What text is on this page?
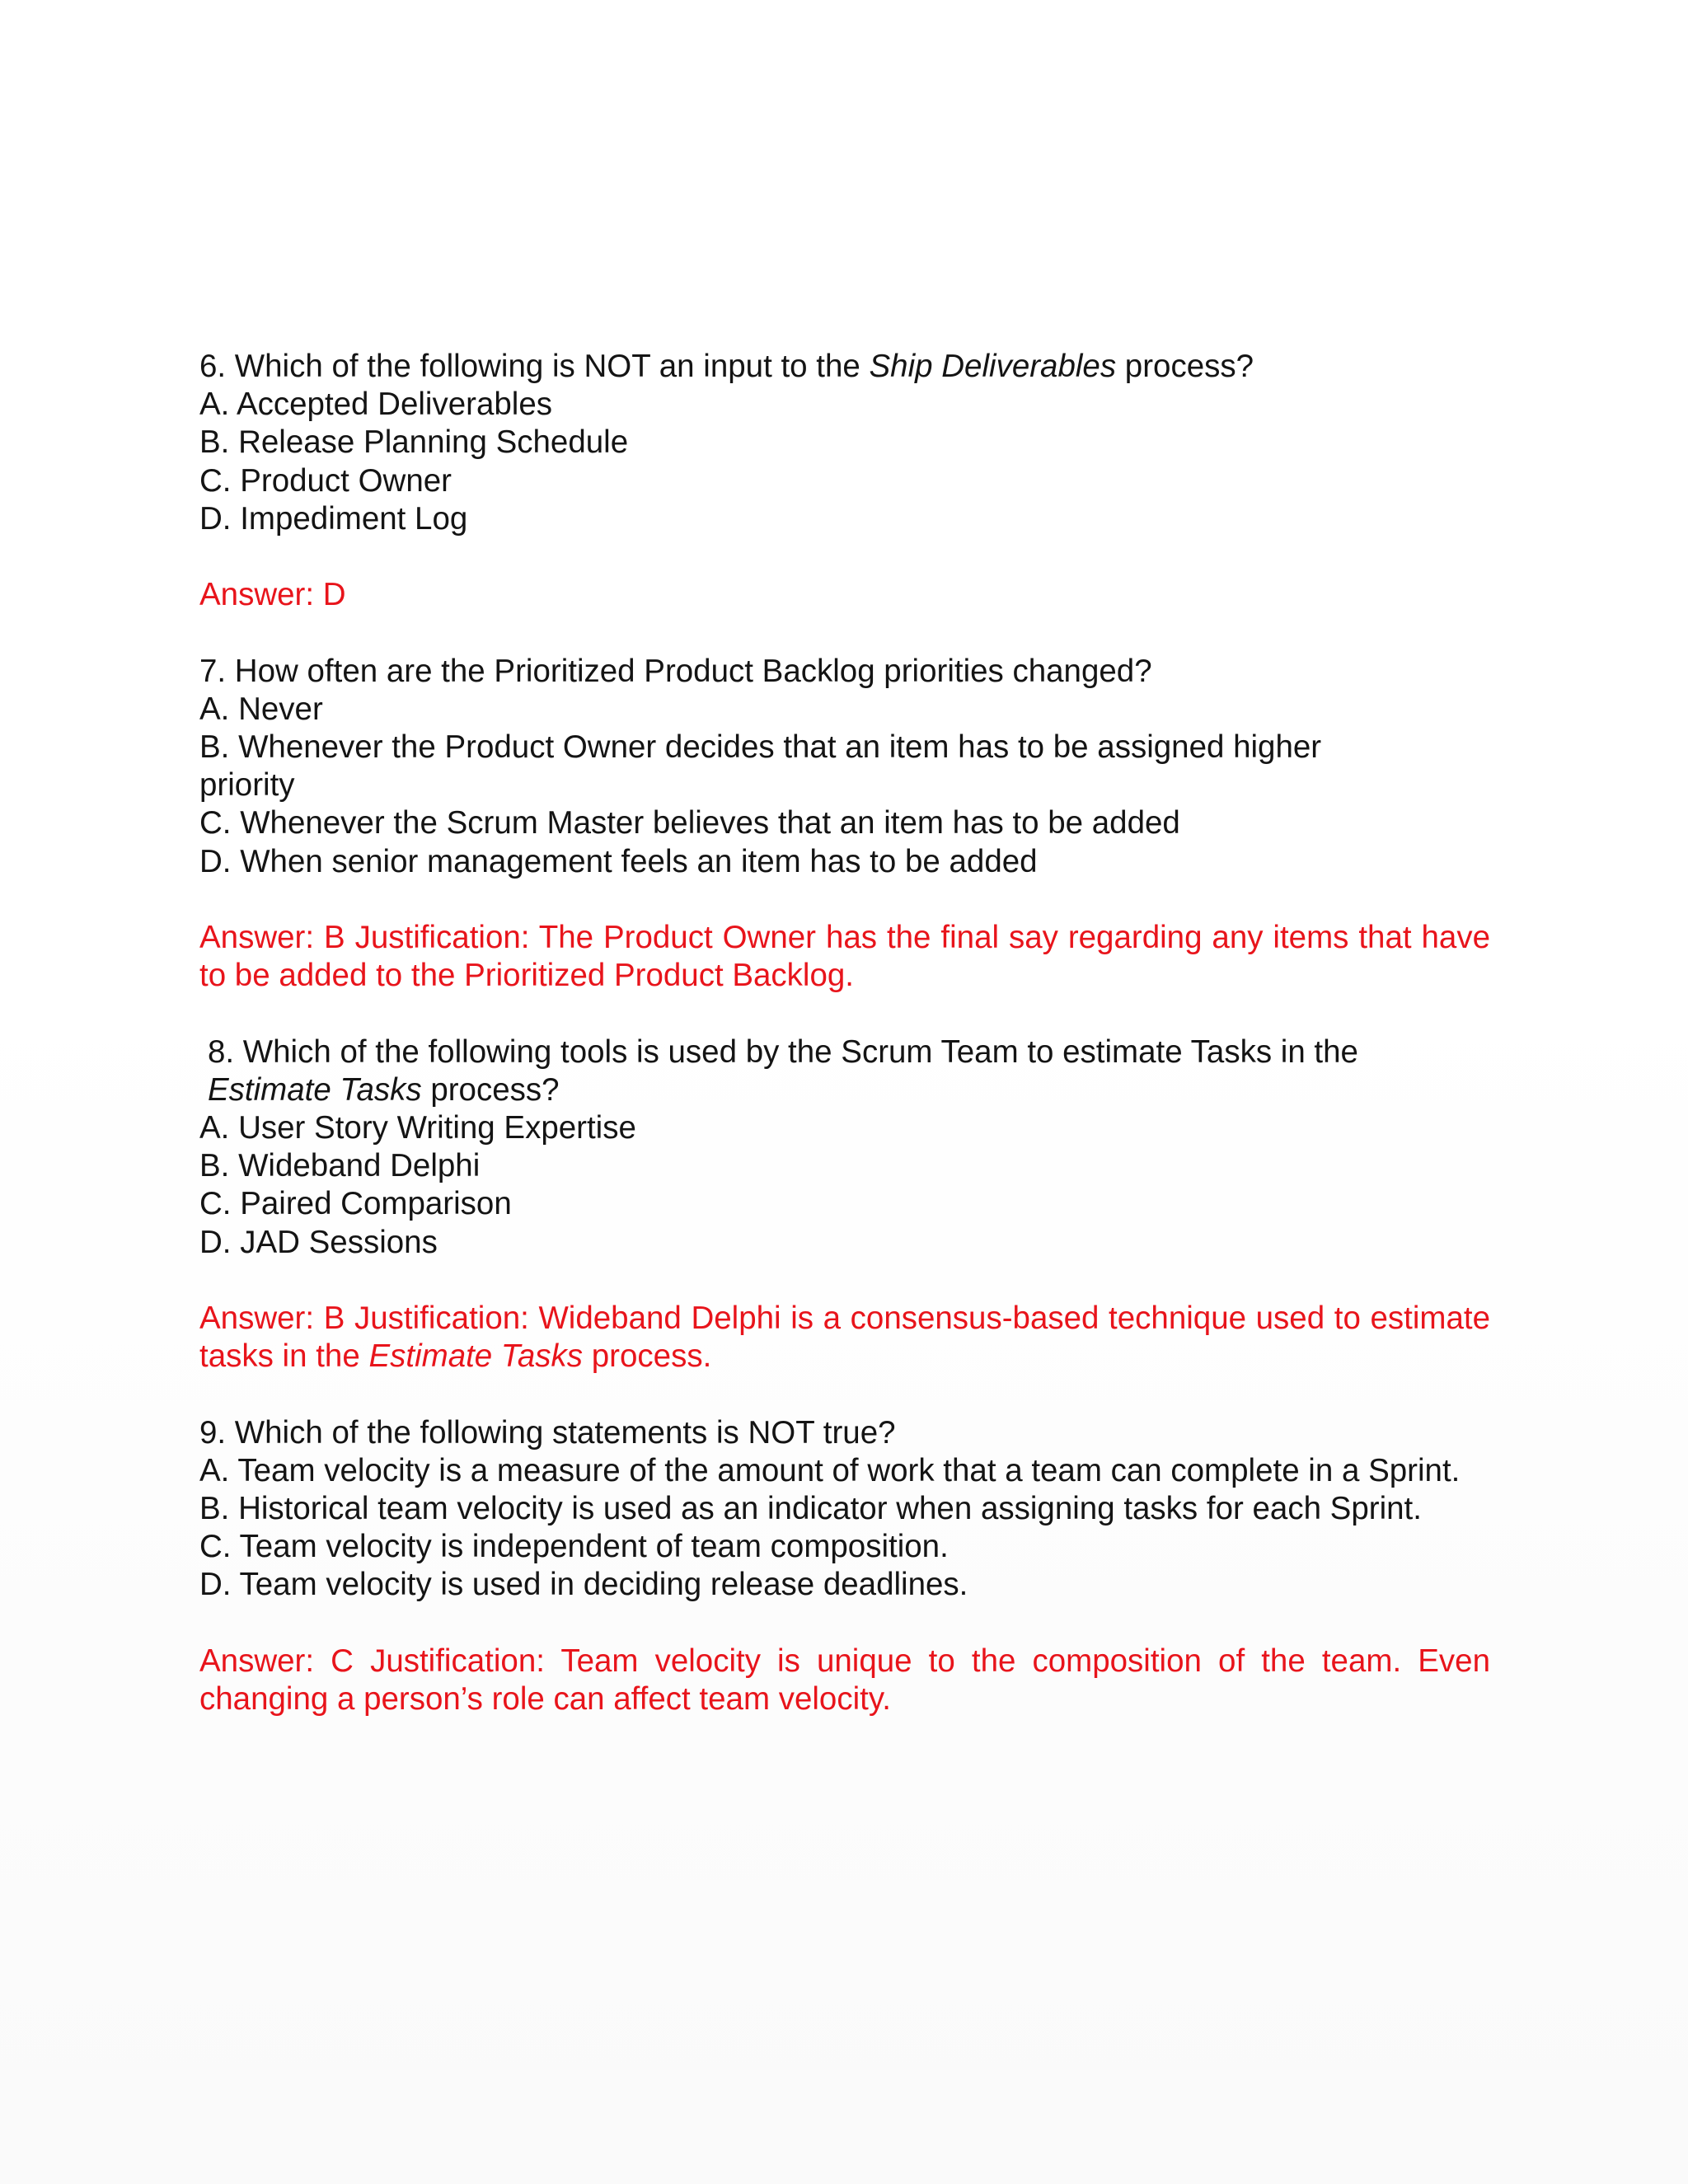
6. Which of the following is NOT an input to the Ship Deliverables process?
A. Accepted Deliverables
B. Release Planning Schedule
C. Product Owner
D. Impediment Log
Answer: D
7. How often are the Prioritized Product Backlog priorities changed?
A. Never
B. Whenever the Product Owner decides that an item has to be assigned higher priority
C. Whenever the Scrum Master believes that an item has to be added
D. When senior management feels an item has to be added
Answer: B Justification: The Product Owner has the final say regarding any items that have to be added to the Prioritized Product Backlog.
8. Which of the following tools is used by the Scrum Team to estimate Tasks in the Estimate Tasks process?
A. User Story Writing Expertise
B. Wideband Delphi
C. Paired Comparison
D. JAD Sessions
Answer: B Justification: Wideband Delphi is a consensus-based technique used to estimate tasks in the Estimate Tasks process.
9. Which of the following statements is NOT true?
A. Team velocity is a measure of the amount of work that a team can complete in a Sprint.
B. Historical team velocity is used as an indicator when assigning tasks for each Sprint.
C. Team velocity is independent of team composition.
D. Team velocity is used in deciding release deadlines.
Answer: C Justification: Team velocity is unique to the composition of the team. Even changing a person’s role can affect team velocity.
